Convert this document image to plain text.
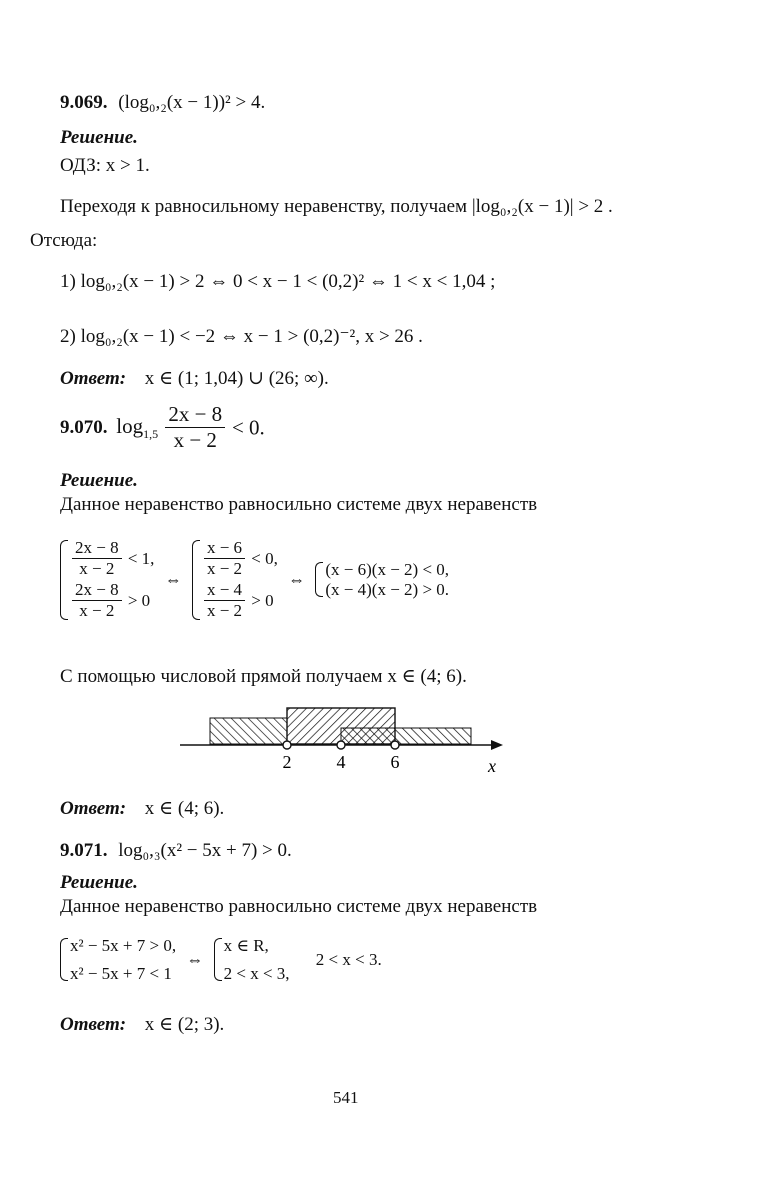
9.069. (log₀,₂(x − 1))² > 4.
Решение.
ОДЗ: x > 1.
Переходя к равносильному неравенству, получаем |log₀,₂(x − 1)| > 2 .
Отсюда:
1) log₀,₂(x − 1) > 2 ⇔ 0 < x − 1 < (0,2)² ⇔ 1 < x < 1,04 ;
2) log₀,₂(x − 1) < −2 ⇔ x − 1 > (0,2)⁻², x > 26 .
Ответ: x ∈ (1; 1,04) ∪ (26; ∞).
9.070. $\log_{1,5} \frac{2x - 8}{x - 2} < 0$.
Решение.
Данное неравенство равносильно системе двух неравенств
$\frac{2x - 8}{x - 2} < 1$,
$\frac{2x - 8}{x - 2} > 0$
⇔ $\frac{x - 6}{x - 2} < 0$,
$\frac{x - 4}{x - 2} > 0$
⇔
(x − 6)(x − 2) < 0,
(x − 4)(x − 2) > 0.
С помощью числовой прямой получаем x ∈ (4; 6).
2	4	6	x
Ответ: x ∈ (4; 6).
9.071. log₀,₃(x² − 5x + 7) > 0.
Решение.
Данное неравенство равносильно системе двух неравенств
x² − 5x + 7 > 0,
x² − 5x + 7 < 1
⇔
x ∈ R,
2 < x < 3,
2 < x < 3.
Ответ: x ∈ (2; 3).
541
